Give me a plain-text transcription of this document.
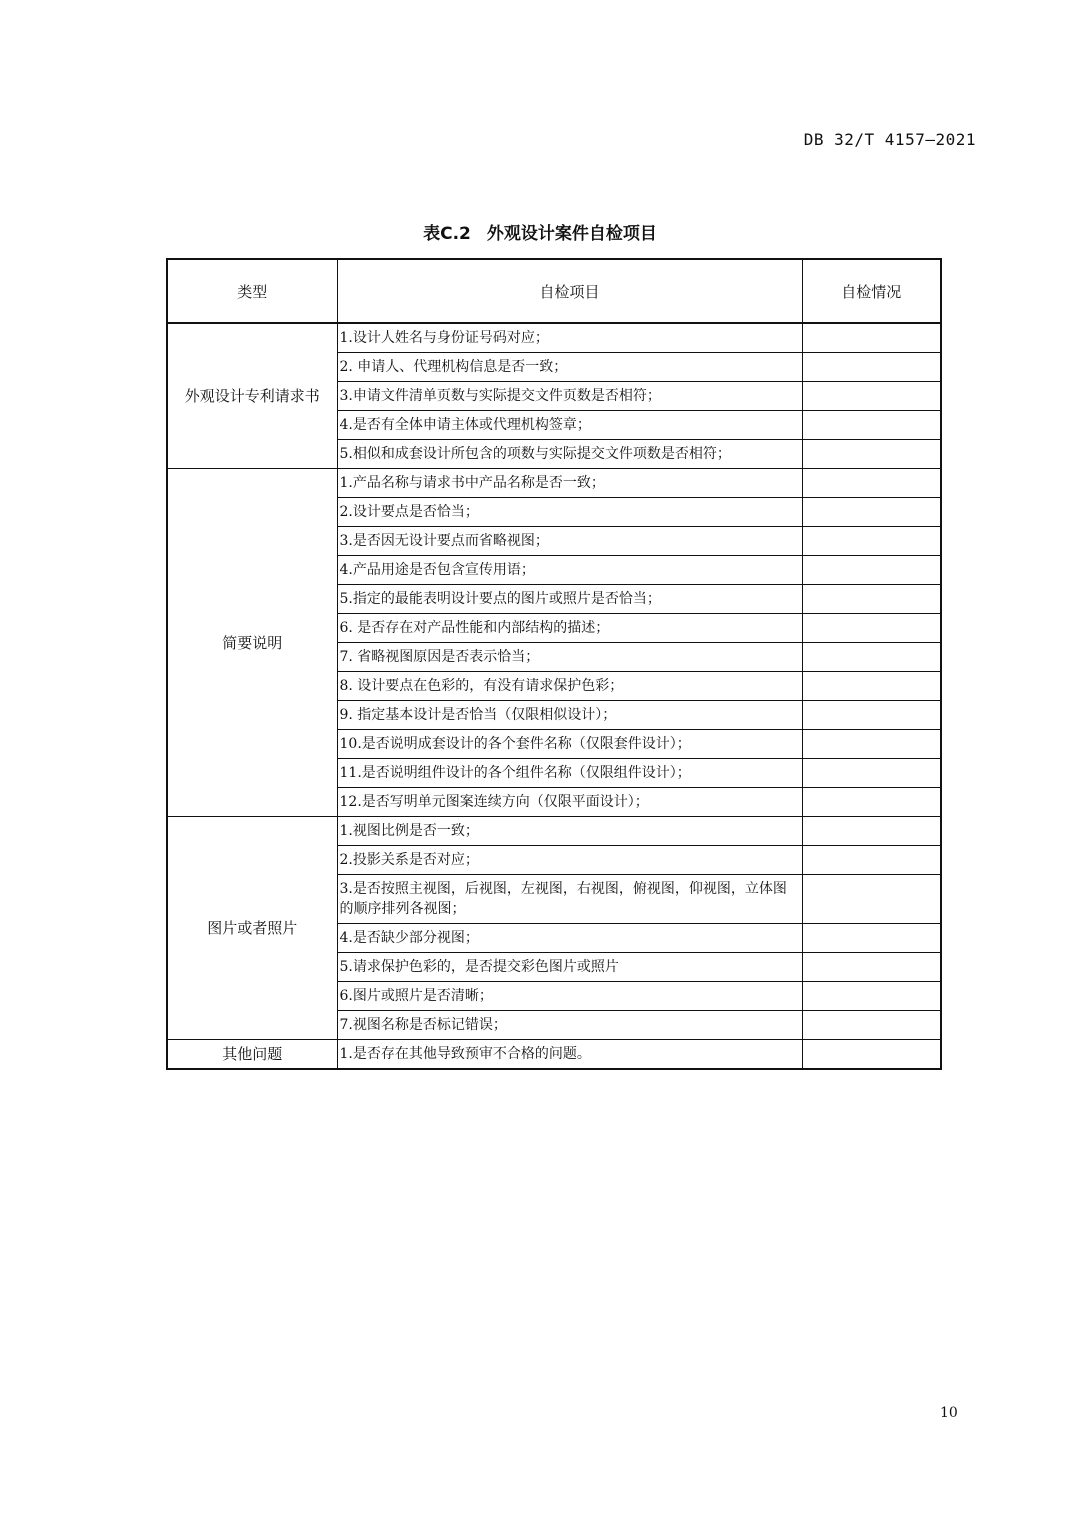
DB 32/T 4157—2021
表C.2 外观设计案件自检项目
类型	自检项目	自检情况
外观设计专利请求书	1.设计人姓名与身份证号码对应；	
	2. 申请人、代理机构信息是否一致；	
	3.申请文件清单页数与实际提交文件页数是否相符；	
	4.是否有全体申请主体或代理机构签章；	
	5.相似和成套设计所包含的项数与实际提交文件项数是否相符；	
简要说明	1.产品名称与请求书中产品名称是否一致；	
	2.设计要点是否恰当；	
	3.是否因无设计要点而省略视图；	
	4.产品用途是否包含宣传用语；	
	5.指定的最能表明设计要点的图片或照片是否恰当；	
	6. 是否存在对产品性能和内部结构的描述；	
	7. 省略视图原因是否表示恰当；	
	8. 设计要点在色彩的，有没有请求保护色彩；	
	9. 指定基本设计是否恰当（仅限相似设计）；	
	10.是否说明成套设计的各个套件名称（仅限套件设计）；	
	11.是否说明组件设计的各个组件名称（仅限组件设计）；	
	12.是否写明单元图案连续方向（仅限平面设计）；	
图片或者照片	1.视图比例是否一致；	
	2.投影关系是否对应；	
	3.是否按照主视图，后视图，左视图，右视图，俯视图，仰视图，立体图的顺序排列各视图；	
	4.是否缺少部分视图；	
	5.请求保护色彩的，是否提交彩色图片或照片	
	6.图片或照片是否清晰；	
	7.视图名称是否标记错误；	
其他问题	1.是否存在其他导致预审不合格的问题。	
10
